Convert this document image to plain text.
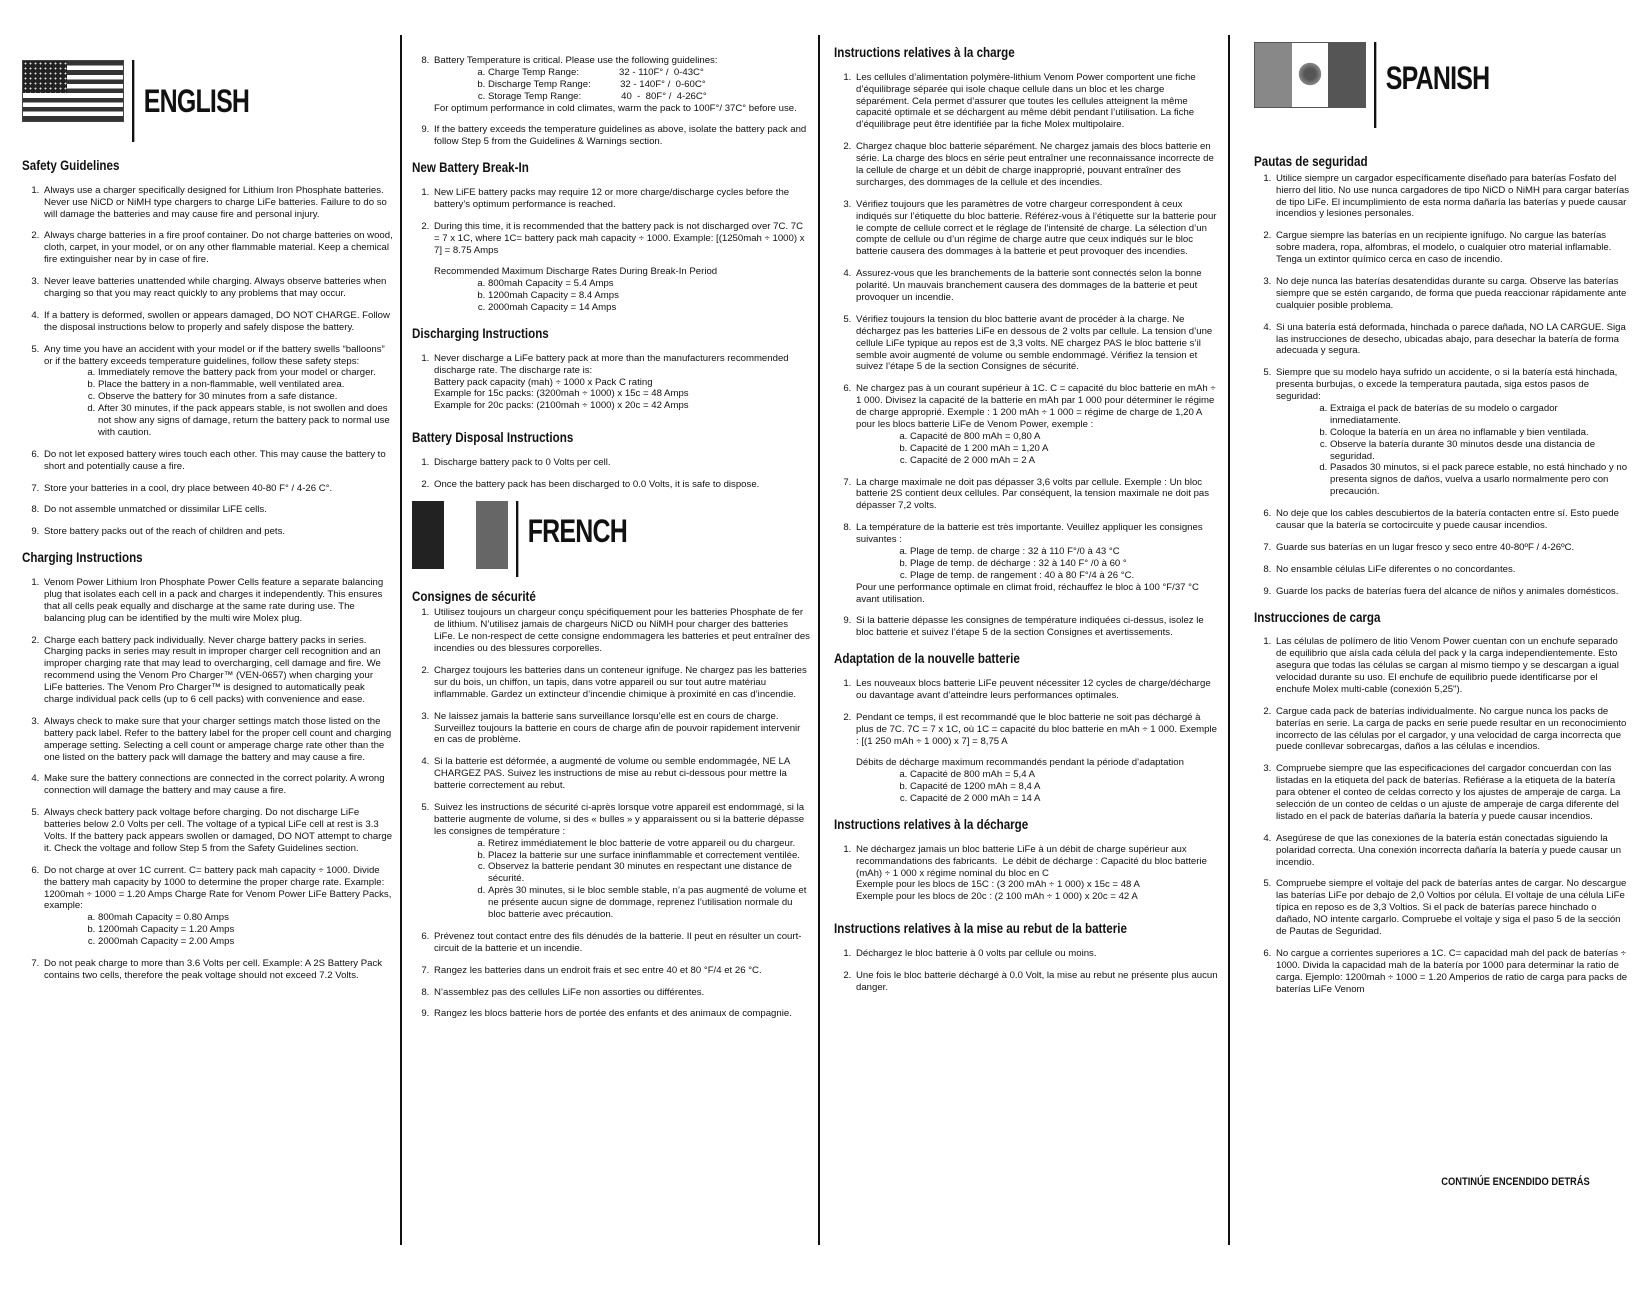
ENGLISH
Safety Guidelines
1. Always use a charger specifically designed for Lithium Iron Phosphate batteries. Never use NiCD or NiMH type chargers to charge LiFe batteries. Failure to do so will damage the batteries and may cause fire and personal injury.
2. Always charge batteries in a fire proof container. Do not charge batteries on wood, cloth, carpet, in your model, or on any other flammable material. Keep a chemical fire extinguisher near by in case of fire.
3. Never leave batteries unattended while charging. Always observe batteries when charging so that you may react quickly to any problems that may occur.
4. If a battery is deformed, swollen or appears damaged, DO NOT CHARGE. Follow the disposal instructions below to properly and safely dispose the battery.
5. Any time you have an accident with your model or if the battery swells “balloons” or if the battery exceeds temperature guidelines, follow these safety steps:
a. Immediately remove the battery pack from your model or charger.
b. Place the battery in a non-flammable, well ventilated area.
c. Observe the battery for 30 minutes from a safe distance.
d. After 30 minutes, if the pack appears stable, is not swollen and does not show any signs of damage, return the battery pack to normal use with caution.
6. Do not let exposed battery wires touch each other. This may cause the battery to short and potentially cause a fire.
7. Store your batteries in a cool, dry place between 40-80 F° / 4-26 C°.
8. Do not assemble unmatched or dissimilar LiFE cells.
9. Store battery packs out of the reach of children and pets.
Charging Instructions
1. Venom Power Lithium Iron Phosphate Power Cells feature a separate balancing plug that isolates each cell in a pack and charges it independently. This ensures that all cells peak equally and discharge at the same rate during use. The balancing plug can be identified by the multi wire Molex plug.
2. Charge each battery pack individually. Never charge battery packs in series. Charging packs in series may result in improper charger cell recognition and an improper charging rate that may lead to overcharging, cell damage and fire. We recommend using the Venom Pro Charger™ (VEN-0657) when charging your LiFe batteries. The Venom Pro Charger™ is designed to automatically peak charge individual pack cells (up to 6 cell packs) with convenience and ease.
3. Always check to make sure that your charger settings match those listed on the battery pack label. Refer to the battery label for the proper cell count and charging amperage setting. Selecting a cell count or amperage charge rate other than the one listed on the battery pack will damage the battery and may cause a fire.
4. Make sure the battery connections are connected in the correct polarity. A wrong connection will damage the battery and may cause a fire.
5. Always check battery pack voltage before charging. Do not discharge LiFe batteries below 2.0 Volts per cell. The voltage of a typical LiFe cell at rest is 3.3 Volts. If the battery pack appears swollen or damaged, DO NOT attempt to charge it. Check the voltage and follow Step 5 from the Safety Guidelines section.
6. Do not charge at over 1C current. C= battery pack mah capacity ÷ 1000. Divide the battery mah capacity by 1000 to determine the proper charge rate. Example: 1200mah ÷ 1000 = 1.20 Amps Charge Rate for Venom Power LiFe Battery Packs, example:
a. 800mah Capacity = 0.80 Amps
b. 1200mah Capacity = 1.20 Amps
c. 2000mah Capacity = 2.00 Amps
7. Do not peak charge to more than 3.6 Volts per cell. Example: A 2S Battery Pack contains two cells, therefore the peak voltage should not exceed 7.2 Volts.
8. Battery Temperature is critical. Please use the following guidelines:
a. Charge Temp Range:               32 - 110F° /  0-43C°
b. Discharge Temp Range:           32 - 140F° /  0-60C°
c. Storage Temp Range:               40  -  80F° /  4-26C°
For optimum performance in cold climates, warm the pack to 100F°/ 37C° before use.
9. If the battery exceeds the temperature guidelines as above, isolate the battery pack and follow Step 5 from the Guidelines & Warnings section.
New Battery Break-In
1. New LiFE battery packs may require 12 or more charge/discharge cycles before the battery’s optimum performance is reached.
2. During this time, it is recommended that the battery pack is not discharged over 7C. 7C = 7 x 1C, where 1C= battery pack mah capacity ÷ 1000. Example: [(1250mah ÷ 1000) x 7] = 8.75 Amps
Recommended Maximum Discharge Rates During Break-In Period
a. 800mah Capacity = 5.4 Amps
b. 1200mah Capacity = 8.4 Amps
c. 2000mah Capacity = 14 Amps
Discharging Instructions
1. Never discharge a LiFe battery pack at more than the manufacturers recommended discharge rate. The discharge rate is:
Battery pack capacity (mah) ÷ 1000 x Pack C rating
Example for 15c packs: (3200mah ÷ 1000) x 15c = 48 Amps
Example for 20c packs: (2100mah ÷ 1000) x 20c = 42 Amps
Battery Disposal Instructions
1. Discharge battery pack to 0 Volts per cell.
2. Once the battery pack has been discharged to 0.0 Volts, it is safe to dispose.
FRENCH
Consignes de sécurité
1. Utilisez toujours un chargeur conçu spécifiquement pour les batteries Phosphate de fer de lithium. N’utilisez jamais de chargeurs NiCD ou NiMH pour charger des batteries LiFe. Le non-respect de cette consigne endommagera les batteries et peut entraîner des incendies ou des blessures corporelles.
2. Chargez toujours les batteries dans un conteneur ignifuge. Ne chargez pas les batteries sur du bois, un chiffon, un tapis, dans votre appareil ou sur tout autre matériau inflammable. Gardez un extincteur d’incendie chimique à proximité en cas d’incendie.
3. Ne laissez jamais la batterie sans surveillance lorsqu’elle est en cours de charge. Surveillez toujours la batterie en cours de charge afin de pouvoir rapidement intervenir en cas de problème.
4. Si la batterie est déformée, a augmenté de volume ou semble endommagée, NE LA CHARGEZ PAS. Suivez les instructions de mise au rebut ci-dessous pour mettre la batterie correctement au rebut.
5. Suivez les instructions de sécurité ci-après lorsque votre appareil est endommagé, si la batterie augmente de volume, si des « bulles » y apparaissent ou si la batterie dépasse les consignes de température :
a. Retirez immédiatement le bloc batterie de votre appareil ou du chargeur.
b. Placez la batterie sur une surface ininflammable et correctement ventilée.
c. Observez la batterie pendant 30 minutes en respectant une distance de sécurité.
d. Après 30 minutes, si le bloc semble stable, n’a pas augmenté de volume et ne présente aucun signe de dommage, reprenez l’utilisation normale du bloc batterie avec précaution.
6. Prévenez tout contact entre des fils dénudés de la batterie. Il peut en résulter un court-circuit de la batterie et un incendie.
7. Rangez les batteries dans un endroit frais et sec entre 40 et 80 °F/4 et 26 °C.
8. N’assemblez pas des cellules LiFe non assorties ou différentes.
9. Rangez les blocs batterie hors de portée des enfants et des animaux de compagnie.
Instructions relatives à la charge
1. Les cellules d’alimentation polymère-lithium Venom Power comportent une fiche d’équilibrage séparée qui isole chaque cellule dans un bloc et les charge séparément. Cela permet d’assurer que toutes les cellules atteignent la même capacité optimale et se déchargent au même débit pendant l’utilisation. La fiche d’équilibrage peut être identifiée par la fiche Molex multipolaire.
2. Chargez chaque bloc batterie séparément. Ne chargez jamais des blocs batterie en série. La charge des blocs en série peut entraîner une reconnaissance incorrecte de la cellule de charge et un débit de charge inapproprié, pouvant entraîner des surcharges, des dommages de la cellule et des incendies.
3. Vérifiez toujours que les paramètres de votre chargeur correspondent à ceux indiqués sur l’étiquette du bloc batterie. Référez-vous à l’étiquette sur la batterie pour le compte de cellule correct et le réglage de l’intensité de charge. La sélection d’un compte de cellule ou d’un régime de charge autre que ceux indiqués sur le bloc batterie causera des dommages à la batterie et peut provoquer des incendies.
4. Assurez-vous que les branchements de la batterie sont connectés selon la bonne polarité. Un mauvais branchement causera des dommages de la batterie et peut provoquer un incendie.
5. Vérifiez toujours la tension du bloc batterie avant de procéder à la charge. Ne déchargez pas les batteries LiFe en dessous de 2 volts par cellule. La tension d’une cellule LiFe typique au repos est de 3,3 volts. NE chargez PAS le bloc batterie s’il semble avoir augmenté de volume ou semble endommagé. Vérifiez la tension et suivez l’étape 5 de la section Consignes de sécurité.
6. Ne chargez pas à un courant supérieur à 1C. C = capacité du bloc batterie en mAh ÷ 1 000. Divisez la capacité de la batterie en mAh par 1 000 pour déterminer le régime de charge approprié. Exemple : 1 200 mAh ÷ 1 000 = régime de charge de 1,20 A pour les blocs batterie LiFe de Venom Power, exemple :
a. Capacité de 800 mAh = 0,80 A
b. Capacité de 1 200 mAh = 1,20 A
c. Capacité de 2 000 mAh = 2 A
7. La charge maximale ne doit pas dépasser 3,6 volts par cellule. Exemple : Un bloc batterie 2S contient deux cellules. Par conséquent, la tension maximale ne doit pas dépasser 7,2 volts.
8. La température de la batterie est très importante. Veuillez appliquer les consignes suivantes :
a. Plage de temp. de charge : 32 à 110 F°/0 à 43 °C
b. Plage de temp. de décharge : 32 à 140 F° /0 à 60 °
c. Plage de temp. de rangement : 40 à 80 F°/4 à 26 °C.
Pour une performance optimale en climat froid, réchauffez le bloc à 100 °F/37 °C avant utilisation.
9. Si la batterie dépasse les consignes de température indiquées ci-dessus, isolez le bloc batterie et suivez l’étape 5 de la section Consignes et avertissements.
Adaptation de la nouvelle batterie
1. Les nouveaux blocs batterie LiFe peuvent nécessiter 12 cycles de charge/décharge ou davantage avant d’atteindre leurs performances optimales.
2. Pendant ce temps, il est recommandé que le bloc batterie ne soit pas déchargé à plus de 7C. 7C = 7 x 1C, où 1C = capacité du bloc batterie en mAh ÷ 1 000. Exemple : [(1 250 mAh ÷ 1 000) x 7] = 8,75 A
Débits de décharge maximum recommandés pendant la période d’adaptation
a. Capacité de 800 mAh = 5,4 A
b. Capacité de 1200 mAh = 8,4 A
c. Capacité de 2 000 mAh = 14 A
Instructions relatives à la décharge
1. Ne déchargez jamais un bloc batterie LiFe à un débit de charge supérieur aux recommandations des fabricants.  Le débit de décharge : Capacité du bloc batterie (mAh) ÷ 1 000 x régime nominal du bloc en C
Exemple pour les blocs de 15C : (3 200 mAh ÷ 1 000) x 15c = 48 A
Exemple pour les blocs de 20c : (2 100 mAh ÷ 1 000) x 20c = 42 A
Instructions relatives à la mise au rebut de la batterie
1. Déchargez le bloc batterie à 0 volts par cellule ou moins.
2. Une fois le bloc batterie déchargé à 0.0 Volt, la mise au rebut ne présente plus aucun danger.
SPANISH
Pautas de seguridad
1. Utilice siempre un cargador específicamente diseñado para baterías Fosfato del hierro del litio. No use nunca cargadores de tipo NiCD o NiMH para cargar baterías de tipo LiFe. El incumplimiento de esta norma dañaría las baterías y puede causar incendios y lesiones personales.
2. Cargue siempre las baterías en un recipiente ignífugo. No cargue las baterías sobre madera, ropa, alfombras, el modelo, o cualquier otro material inflamable. Tenga un extintor químico cerca en caso de incendio.
3. No deje nunca las baterías desatendidas durante su carga. Observe las baterías siempre que se estén cargando, de forma que pueda reaccionar rápidamente ante cualquier posible problema.
4. Si una batería está deformada, hinchada o parece dañada, NO LA CARGUE. Siga las instrucciones de desecho, ubicadas abajo, para desechar la batería de forma adecuada y segura.
5. Siempre que su modelo haya sufrido un accidente, o si la batería está hinchada, presenta burbujas, o excede la temperatura pautada, siga estos pasos de seguridad:
a. Extraiga el pack de baterías de su modelo o cargador inmediatamente.
b. Coloque la batería en un área no inflamable y bien ventilada.
c. Observe la batería durante 30 minutos desde una distancia de seguridad.
d. Pasados 30 minutos, si el pack parece estable, no está hinchado y no presenta signos de daños, vuelva a usarlo normalmente pero con precaución.
6. No deje que los cables descubiertos de la batería contacten entre sí. Esto puede causar que la batería se cortocircuite y puede causar incendios.
7. Guarde sus baterías en un lugar fresco y seco entre 40-80ºF / 4-26ºC.
8. No ensamble células LiFe diferentes o no concordantes.
9. Guarde los packs de baterías fuera del alcance de niños y animales domésticos.
Instrucciones de carga
1. Las células de polímero de litio Venom Power cuentan con un enchufe separado de equilibrio que aísla cada célula del pack y la carga independientemente. Esto asegura que todas las células se cargan al mismo tiempo y se descargan a igual velocidad durante su uso. El enchufe de equilibrio puede identificarse por el enchufe Molex multi-cable (conexión 5,25").
2. Cargue cada pack de baterías individualmente. No cargue nunca los packs de baterías en serie. La carga de packs en serie puede resultar en un reconocimiento incorrecto de las células por el cargador, y una velocidad de carga incorrecta que puede conllevar sobrecargas, daños a las células e incendios.
3. Compruebe siempre que las especificaciones del cargador concuerdan con las listadas en la etiqueta del pack de baterías. Refiérase a la etiqueta de la batería para obtener el conteo de celdas correcto y los ajustes de amperaje de carga. La selección de un conteo de celdas o un ajuste de amperaje de carga diferente del listado en el pack de baterías dañaría la batería y puede causar incendios.
4. Asegúrese de que las conexiones de la batería están conectadas siguiendo la polaridad correcta. Una conexión incorrecta dañaría la batería y puede causar un incendio.
5. Compruebe siempre el voltaje del pack de baterías antes de cargar. No descargue las baterías LiFe por debajo de 2,0 Voltios por célula. El voltaje de una célula LiFe típica en reposo es de 3,3 Voltios. Si el pack de baterías parece hinchado o dañado, NO intente cargarlo. Compruebe el voltaje y siga el paso 5 de la sección de Pautas de Seguridad.
6. No cargue a corrientes superiores a 1C. C= capacidad mah del pack de baterías ÷ 1000. Divida la capacidad mah de la batería por 1000 para determinar la ratio de carga. Ejemplo: 1200mah ÷ 1000 = 1.20 Amperios de ratio de carga para packs de baterías LiFe Venom
CONTINÚE ENCENDIDO DETRÁS
